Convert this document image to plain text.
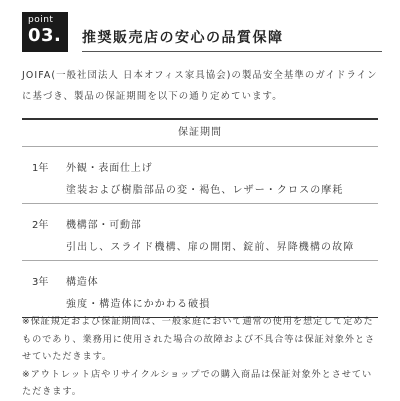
point
03.	推奨販売店の安心の品質保障
JOIFA(一般社団法人 日本オフィス家具協会)の製品安全基準のガイドラインに基づき、製品の保証期間を以下の通り定めています。
保証期間
1年 外観・表面仕上げ
塗装および樹脂部品の変・褐色、レザー・クロスの摩耗
2年 機構部・可動部
引出し、スライド機構、扉の開閉、錠前、昇降機構の故障
3年 構造体
強度・構造体にかかわる破損

※保証規定および保証期間は、一般家庭において通常の使用を想定して定めたものであり、業務用に使用された場合の故障および不具合等は保証対象外とさせていただきます。

※アウトレット店やリサイクルショップでの購入商品は保証対象外とさせていただきます。
